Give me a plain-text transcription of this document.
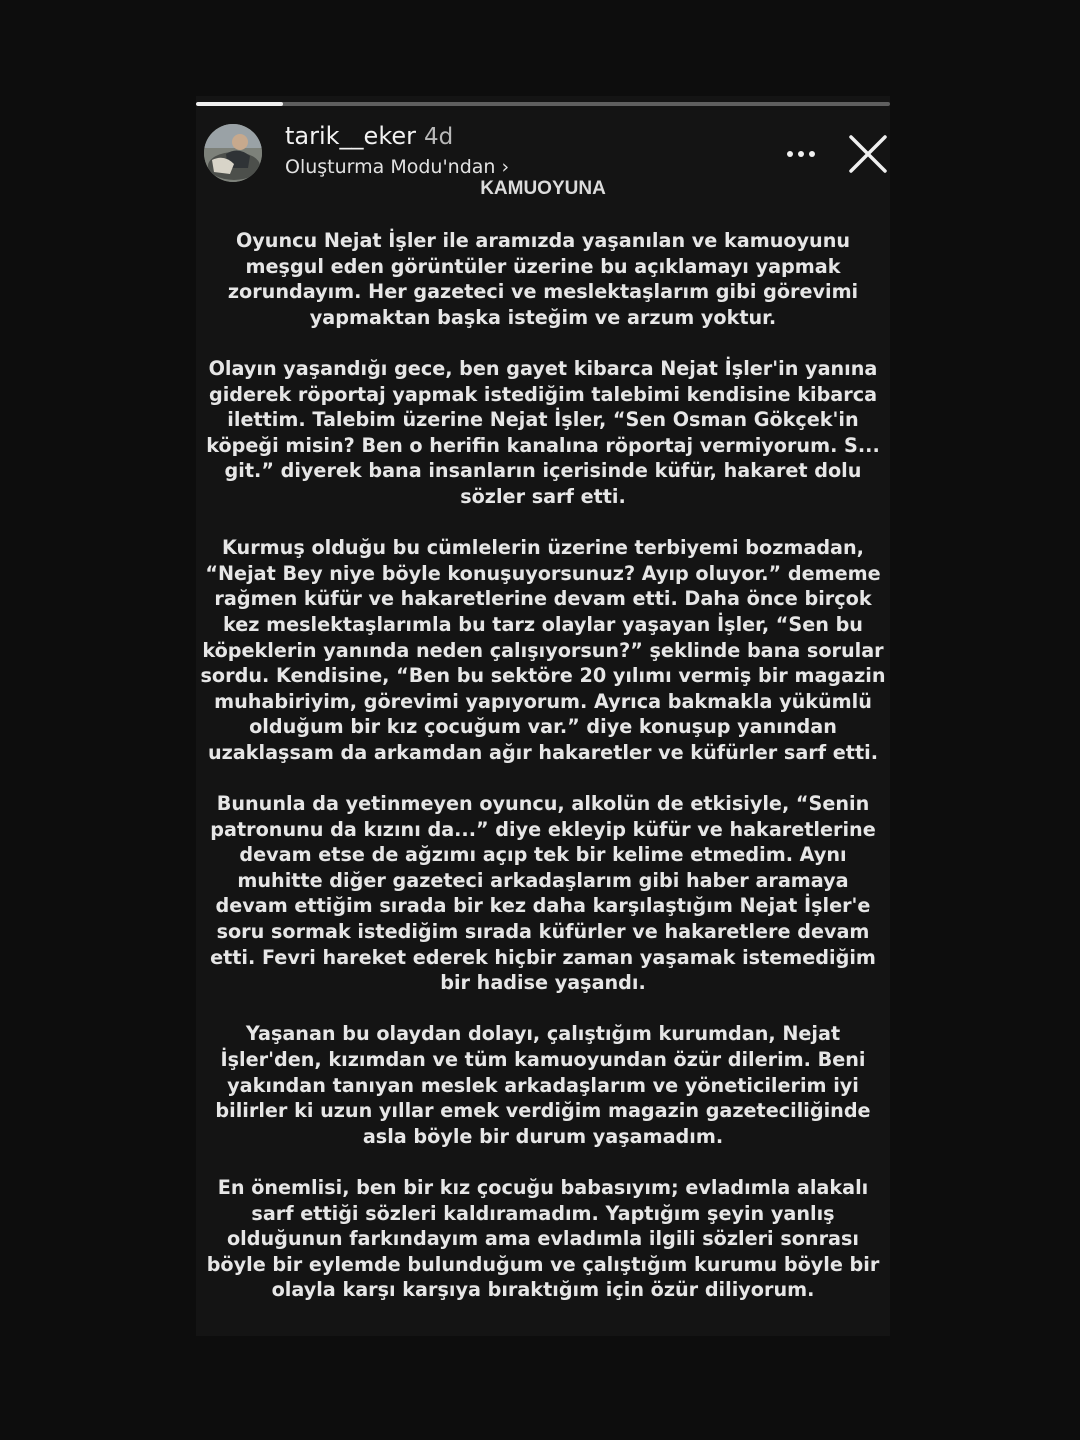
tarik__eker 4d
Oluşturma Modu'ndan ›
KAMUOYUNA

Oyuncu Nejat İşler ile aramızda yaşanılan ve kamuoyunu meşgul eden görüntüler üzerine bu açıklamayı yapmak zorundayım. Her gazeteci ve meslektaşlarım gibi görevimi yapmaktan başka isteğim ve arzum yoktur.

Olayın yaşandığı gece, ben gayet kibarca Nejat İşler'in yanına giderek röportaj yapmak istediğim talebimi kendisine kibarca ilettim. Talebim üzerine Nejat İşler, “Sen Osman Gökçek'in köpeği misin? Ben o herifin kanalına röportaj vermiyorum. S... git.” diyerek bana insanların içerisinde küfür, hakaret dolu sözler sarf etti.

Kurmuş olduğu bu cümlelerin üzerine terbiyemi bozmadan, “Nejat Bey niye böyle konuşuyorsunuz? Ayıp oluyor.” dememe rağmen küfür ve hakaretlerine devam etti. Daha önce birçok kez meslektaşlarımla bu tarz olaylar yaşayan İşler, “Sen bu köpeklerin yanında neden çalışıyorsun?” şeklinde bana sorular sordu. Kendisine, “Ben bu sektöre 20 yılımı vermiş bir magazin muhabiriyim, görevimi yapıyorum. Ayrıca bakmakla yükümlü olduğum bir kız çocuğum var.” diye konuşup yanından uzaklaşsam da arkamdan ağır hakaretler ve küfürler sarf etti.

Bununla da yetinmeyen oyuncu, alkolün de etkisiyle, “Senin patronunu da kızını da...” diye ekleyip küfür ve hakaretlerine devam etse de ağzımı açıp tek bir kelime etmedim. Aynı muhitte diğer gazeteci arkadaşlarım gibi haber aramaya devam ettiğim sırada bir kez daha karşılaştığım Nejat İşler'e soru sormak istediğim sırada küfürler ve hakaretlere devam etti. Fevri hareket ederek hiçbir zaman yaşamak istemediğim bir hadise yaşandı.

Yaşanan bu olaydan dolayı, çalıştığım kurumdan, Nejat İşler'den, kızımdan ve tüm kamuoyundan özür dilerim. Beni yakından tanıyan meslek arkadaşlarım ve yöneticilerim iyi bilirler ki uzun yıllar emek verdiğim magazin gazeteciliğinde asla böyle bir durum yaşamadım.

En önemlisi, ben bir kız çocuğu babasıyım; evladımla alakalı sarf ettiği sözleri kaldıramadım. Yaptığım şeyin yanlış olduğunun farkındayım ama evladımla ilgili sözleri sonrası böyle bir eylemde bulunduğum ve çalıştığım kurumu böyle bir olayla karşı karşıya bıraktığım için özür diliyorum.
